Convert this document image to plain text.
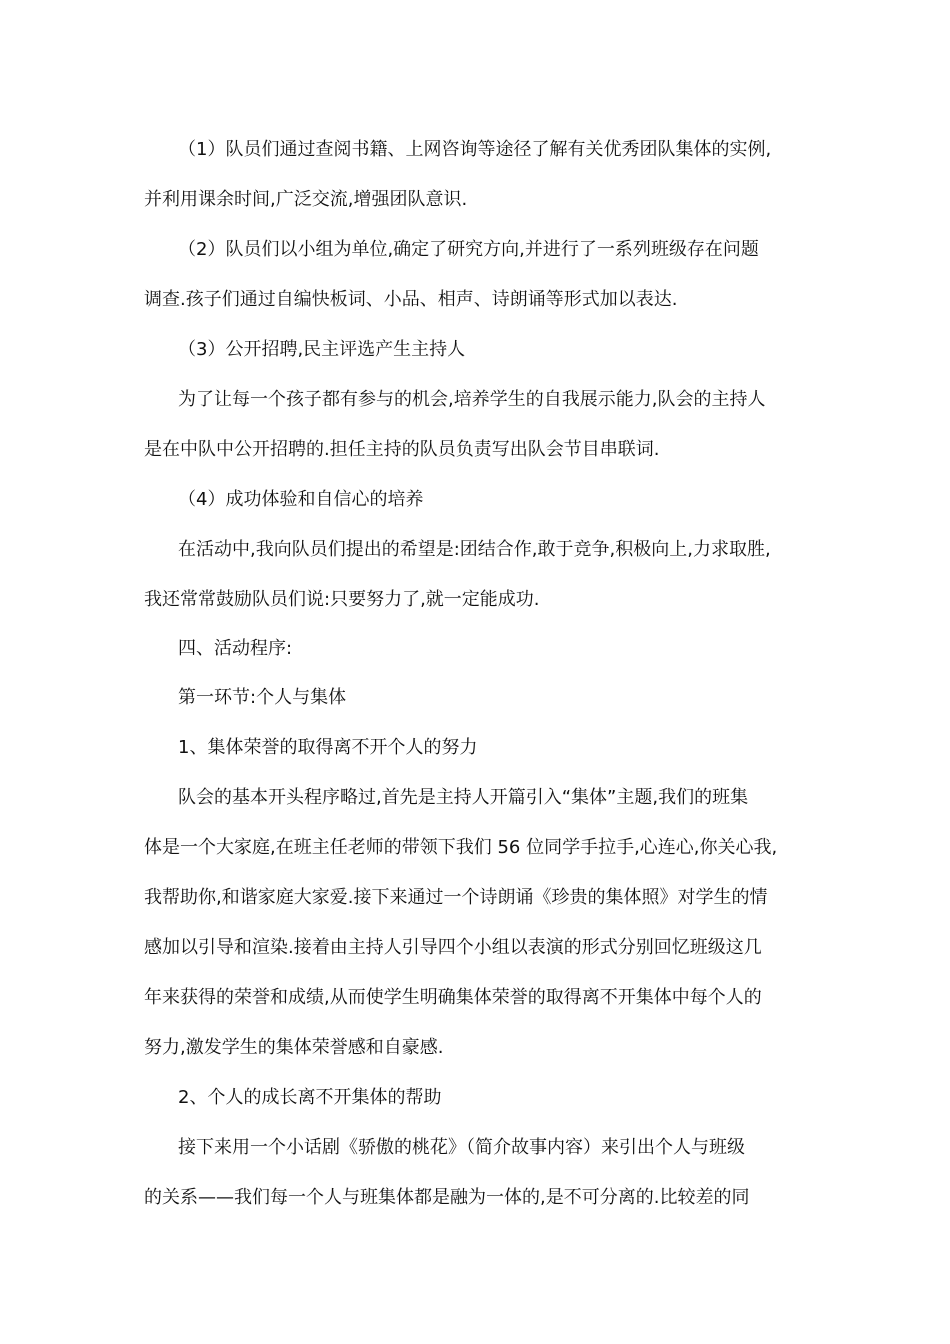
（1）队员们通过查阅书籍、上网咨询等途径了解有关优秀团队集体的实例,
并利用课余时间,广泛交流,增强团队意识.
（2）队员们以小组为单位,确定了研究方向,并进行了一系列班级存在问题
调查.孩子们通过自编快板词、小品、相声、诗朗诵等形式加以表达.
（3）公开招聘,民主评选产生主持人
为了让每一个孩子都有参与的机会,培养学生的自我展示能力,队会的主持人
是在中队中公开招聘的.担任主持的队员负责写出队会节目串联词.
（4）成功体验和自信心的培养
在活动中,我向队员们提出的希望是:团结合作,敢于竞争,积极向上,力求取胜,
我还常常鼓励队员们说:只要努力了,就一定能成功.
四、活动程序:
第一环节:个人与集体
1、集体荣誉的取得离不开个人的努力
队会的基本开头程序略过,首先是主持人开篇引入“集体”主题,我们的班集
体是一个大家庭,在班主任老师的带领下我们 56 位同学手拉手,心连心,你关心我,
我帮助你,和谐家庭大家爱.接下来通过一个诗朗诵《珍贵的集体照》对学生的情
感加以引导和渲染.接着由主持人引导四个小组以表演的形式分别回忆班级这几
年来获得的荣誉和成绩,从而使学生明确集体荣誉的取得离不开集体中每个人的
努力,激发学生的集体荣誉感和自豪感.
2、个人的成长离不开集体的帮助
接下来用一个小话剧《骄傲的桃花》（简介故事内容）来引出个人与班级
的关系——我们每一个人与班集体都是融为一体的,是不可分离的.比较差的同
